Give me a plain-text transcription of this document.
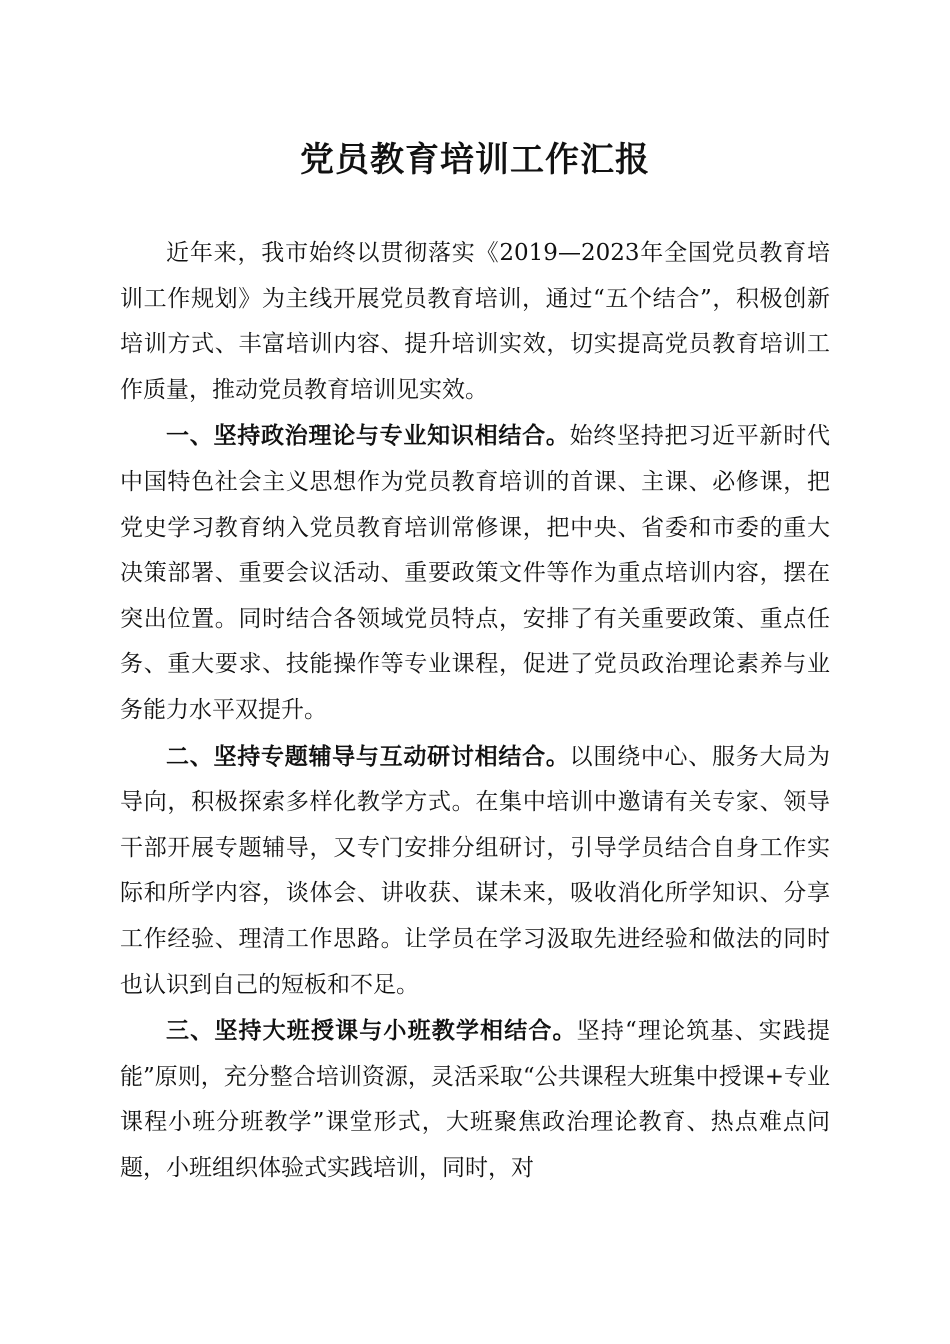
党员教育培训工作汇报

近年来，我市始终以贯彻落实《2019—2023年全国党员教育培训工作规划》为主线开展党员教育培训，通过“五个结合”，积极创新培训方式、丰富培训内容、提升培训实效，切实提高党员教育培训工作质量，推动党员教育培训见实效。

一、坚持政治理论与专业知识相结合。始终坚持把习近平新时代中国特色社会主义思想作为党员教育培训的首课、主课、必修课，把党史学习教育纳入党员教育培训常修课，把中央、省委和市委的重大决策部署、重要会议活动、重要政策文件等作为重点培训内容，摆在突出位置。同时结合各领域党员特点，安排了有关重要政策、重点任务、重大要求、技能操作等专业课程，促进了党员政治理论素养与业务能力水平双提升。

二、坚持专题辅导与互动研讨相结合。以围绕中心、服务大局为导向，积极探索多样化教学方式。在集中培训中邀请有关专家、领导干部开展专题辅导，又专门安排分组研讨，引导学员结合自身工作实际和所学内容，谈体会、讲收获、谋未来，吸收消化所学知识、分享工作经验、理清工作思路。让学员在学习汲取先进经验和做法的同时也认识到自己的短板和不足。

三、坚持大班授课与小班教学相结合。坚持“理论筑基、实践提能”原则，充分整合培训资源，灵活采取“公共课程大班集中授课+专业课程小班分班教学”课堂形式，大班聚焦政治理论教育、热点难点问题，小班组织体验式实践培训，同时，对
